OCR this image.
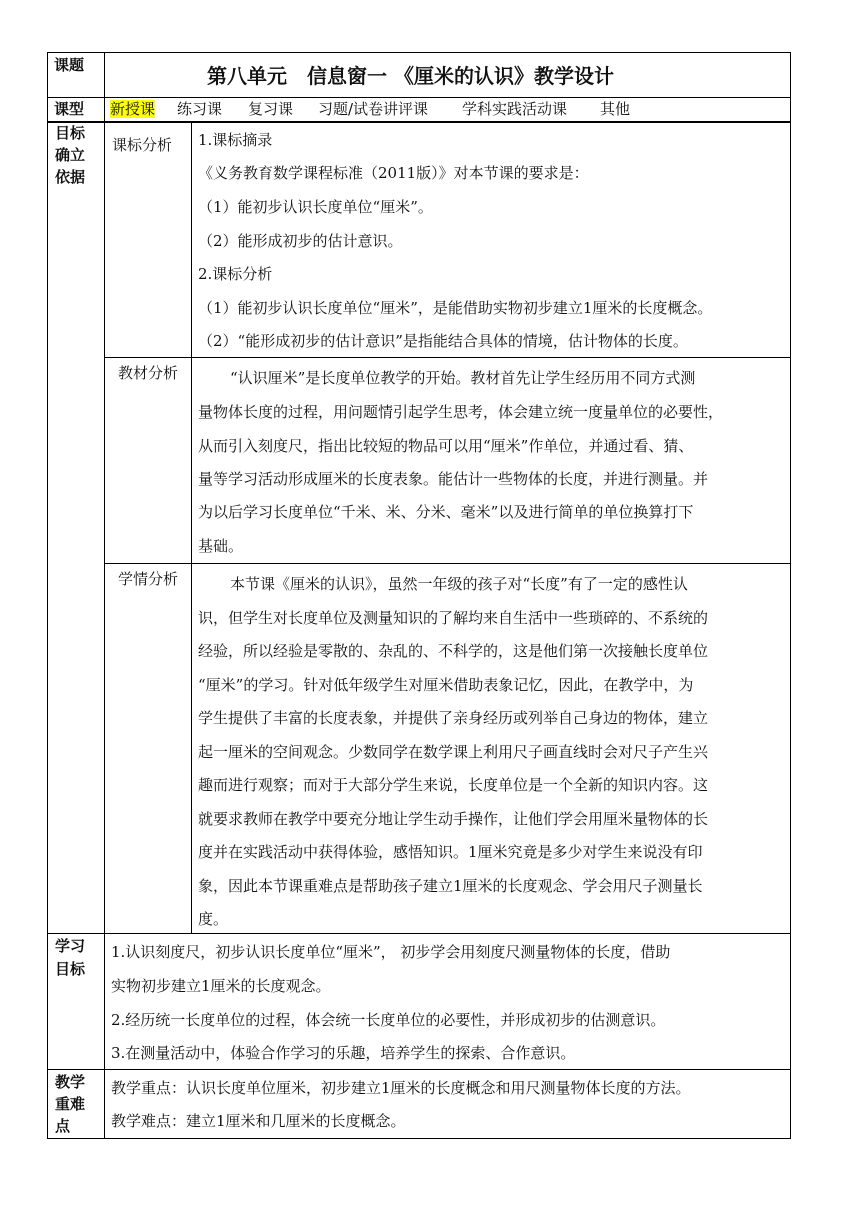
课题	第八单元　信息窗一 《厘米的认识》教学设计
课型 新授课 练习课 复习课 习题/试卷讲评课 学科实践活动课 其他
目标
确立
依据
课标分析 1.课标摘录
《义务教育数学课程标准（2011版）》对本节课的要求是：
（1）能初步认识长度单位“厘米”。
（2）能形成初步的估计意识。
2.课标分析
（1）能初步认识长度单位“厘米”，是能借助实物初步建立1厘米的长度概念。
（2）“能形成初步的估计意识”是指能结合具体的情境，估计物体的长度。
教材分析	“认识厘米”是长度单位教学的开始。教材首先让学生经历用不同方式测
量物体长度的过程，用问题情引起学生思考，体会建立统一度量单位的必要性，
从而引入刻度尺，指出比较短的物品可以用“厘米”作单位，并通过看、猜、
量等学习活动形成厘米的长度表象。能估计一些物体的长度，并进行测量。并
为以后学习长度单位“千米、米、分米、毫米”以及进行简单的单位换算打下
基础。
学情分析	本节课《厘米的认识》，虽然一年级的孩子对“长度”有了一定的感性认
识，但学生对长度单位及测量知识的了解均来自生活中一些琐碎的、不系统的
经验，所以经验是零散的、杂乱的、不科学的，这是他们第一次接触长度单位
“厘米”的学习。针对低年级学生对厘米借助表象记忆，因此，在教学中，为
学生提供了丰富的长度表象，并提供了亲身经历或列举自己身边的物体，建立
起一厘米的空间观念。少数同学在数学课上利用尺子画直线时会对尺子产生兴
趣而进行观察；而对于大部分学生来说，长度单位是一个全新的知识内容。这
就要求教师在教学中要充分地让学生动手操作，让他们学会用厘米量物体的长
度并在实践活动中获得体验，感悟知识。1厘米究竟是多少对学生来说没有印
象，因此本节课重难点是帮助孩子建立1厘米的长度观念、学会用尺子测量长
度。
学习
目标
1.认识刻度尺，初步认识长度单位“厘米”， 初步学会用刻度尺测量物体的长度，借助
实物初步建立1厘米的长度观念。
2.经历统一长度单位的过程，体会统一长度单位的必要性，并形成初步的估测意识。
3.在测量活动中，体验合作学习的乐趣，培养学生的探索、合作意识。
教学
重难
点
教学重点：认识长度单位厘米，初步建立1厘米的长度概念和用尺测量物体长度的方法。
教学难点：建立1厘米和几厘米的长度概念。
